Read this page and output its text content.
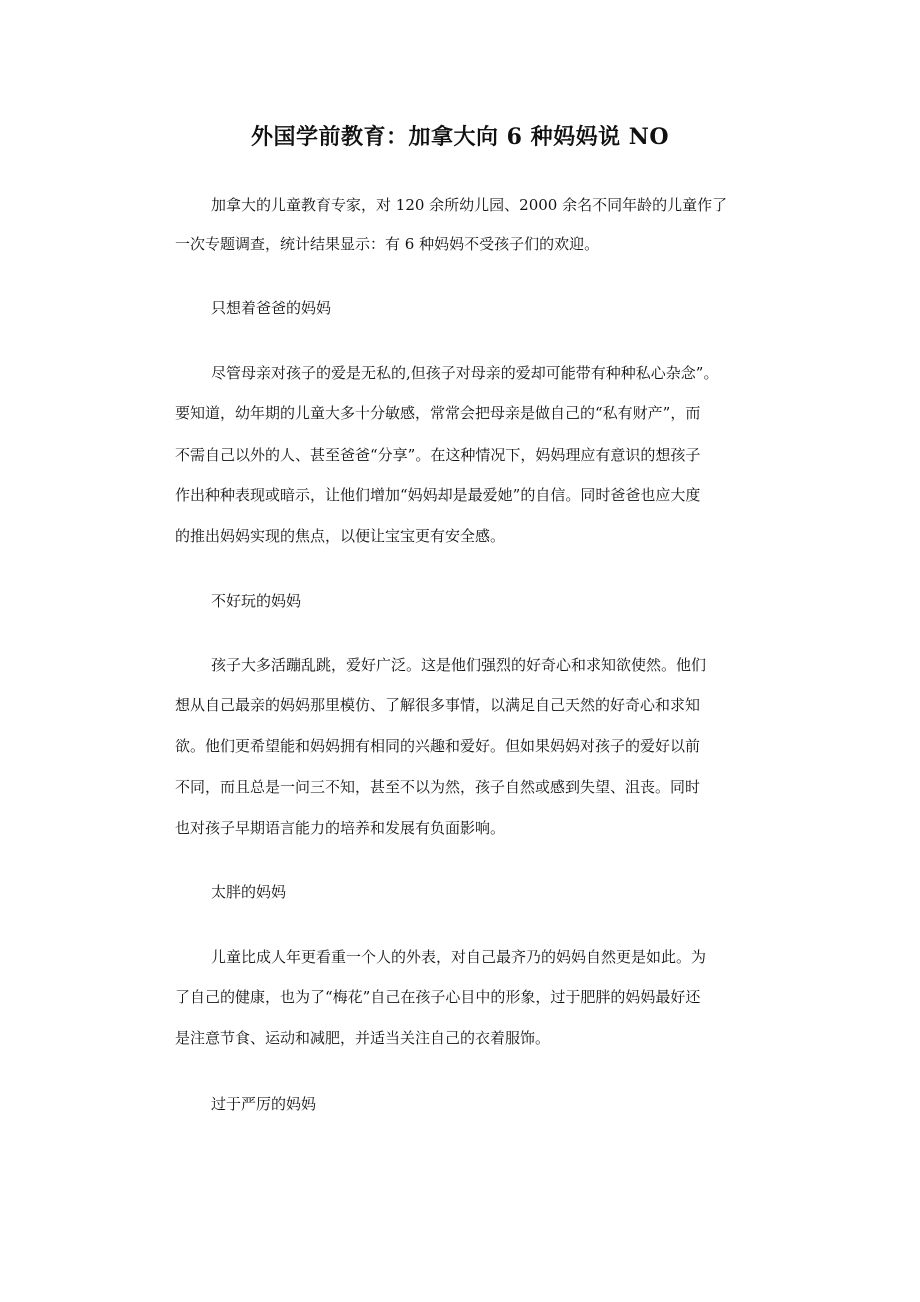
外国学前教育：加拿大向 6 种妈妈说 NO
加拿大的儿童教育专家，对 120 余所幼儿园、2000 余名不同年龄的儿童作了
一次专题调查，统计结果显示：有 6 种妈妈不受孩子们的欢迎。
只想着爸爸的妈妈
尽管母亲对孩子的爱是无私的,但孩子对母亲的爱却可能带有种种私心杂念”。
要知道，幼年期的儿童大多十分敏感，常常会把母亲是做自己的“私有财产”，而
不需自己以外的人、甚至爸爸“分享”。在这种情况下，妈妈理应有意识的想孩子
作出种种表现或暗示，让他们增加“妈妈却是最爱她”的自信。同时爸爸也应大度
的推出妈妈实现的焦点，以便让宝宝更有安全感。
不好玩的妈妈
孩子大多活蹦乱跳，爱好广泛。这是他们强烈的好奇心和求知欲使然。他们
想从自己最亲的妈妈那里模仿、了解很多事情，以满足自己天然的好奇心和求知
欲。他们更希望能和妈妈拥有相同的兴趣和爱好。但如果妈妈对孩子的爱好以前
不同，而且总是一问三不知，甚至不以为然，孩子自然或感到失望、沮丧。同时
也对孩子早期语言能力的培养和发展有负面影响。
太胖的妈妈
儿童比成人年更看重一个人的外表，对自己最齐乃的妈妈自然更是如此。为
了自己的健康，也为了“梅花”自己在孩子心目中的形象，过于肥胖的妈妈最好还
是注意节食、运动和减肥，并适当关注自己的衣着服饰。
过于严厉的妈妈
